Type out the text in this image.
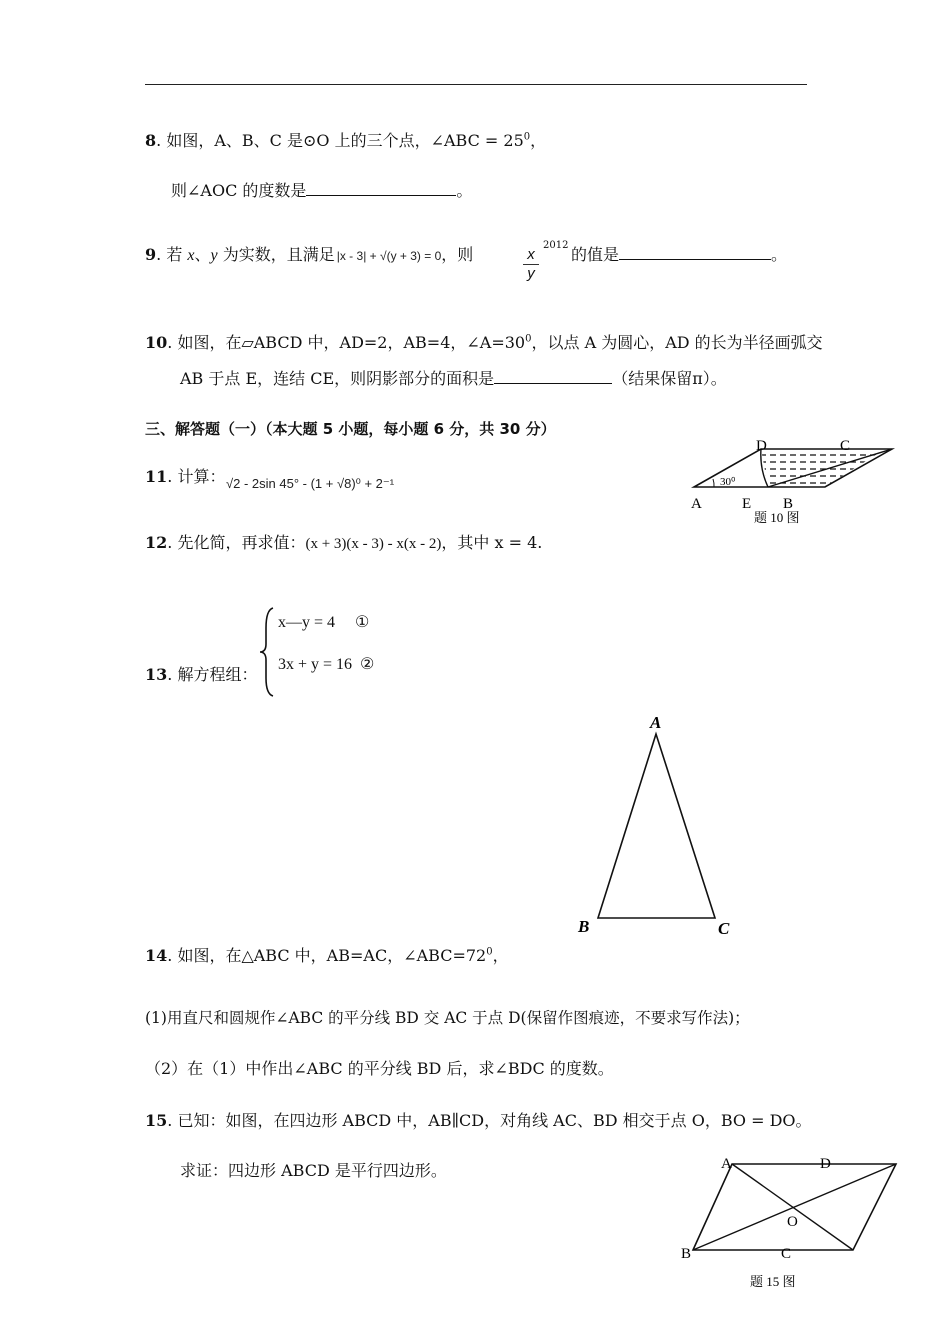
8. 如图，A、B、C 是⊙O 上的三个点，∠ABC = $25^0$，
则∠AOC 的度数是	。
9. 若 x、y 为实数，且满足 |x - 3| + √(y + 3) = 0，则	x
y
2012 的值是	。
10. 如图，在▱ABCD 中，AD=2，AB=4，$\angle A=30^0$，以点 A 为圆心，AD 的长为半径画弧交
AB 于点 E，连结 CE，则阴影部分的面积是	（结果保留π）。
三、解答题（一）（本大题 5 小题，每小题 6 分，共 30 分）
D	C
A	E B
30⁰
题 10 图
11. 计算： √2 - 2sin 45° - (1 + √8)⁰ + 2⁻¹
12. 先化简，再求值：(x + 3)(x - 3) - x(x - 2)，其中 x = 4.
13. 解方程组：
x—y = 4 ①
3x + y = 16 ②
A
B	C
14. 如图，在△ABC 中，AB=AC，$\angle ABC=72^0$，
(1)用直尺和圆规作∠ABC 的平分线 BD 交 AC 于点 D(保留作图痕迹，不要求写作法)；
（2）在（1）中作出∠ABC 的平分线 BD 后，求∠BDC 的度数。
15. 已知：如图，在四边形 ABCD 中，AB∥CD，对角线 AC、BD 相交于点 O，BO = DO。
求证：四边形 ABCD 是平行四边形。	A	D
O
B	C
题 15 图
